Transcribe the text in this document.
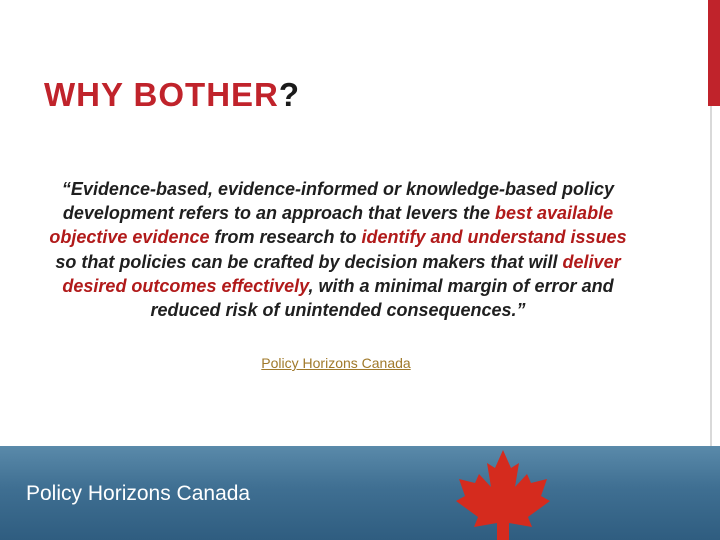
WHY BOTHER?
“Evidence-based, evidence-informed or knowledge-based policy development refers to an approach that levers the best available objective evidence from research to identify and understand issues so that policies can be crafted by decision makers that will deliver desired outcomes effectively, with a minimal margin of error and reduced risk of unintended consequences.”
Policy Horizons Canada
Policy Horizons Canada
